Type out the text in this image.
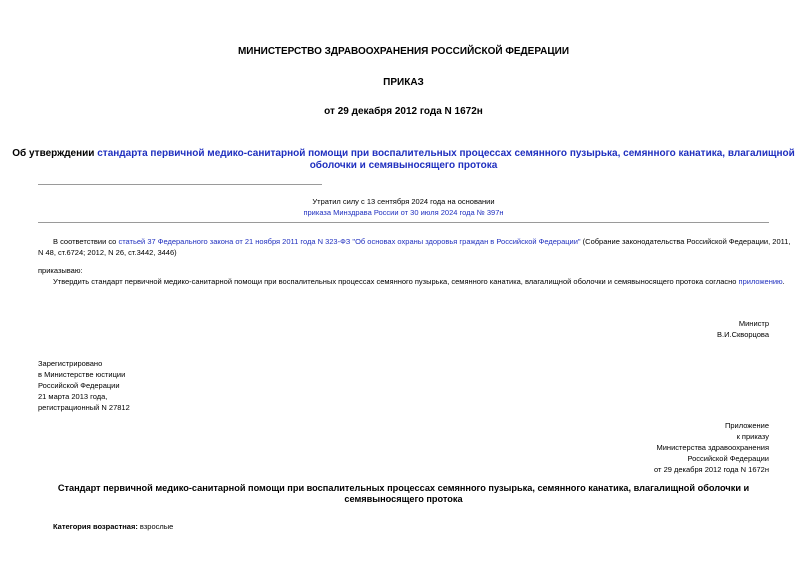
МИНИСТЕРСТВО ЗДРАВООХРАНЕНИЯ РОССИЙСКОЙ ФЕДЕРАЦИИ
ПРИКАЗ
от 29 декабря 2012 года N 1672н
Об утверждении стандарта первичной медико-санитарной помощи при воспалительных процессах семянного пузырька, семянного канатика, влагалищной
оболочки и семявыносящего протока
Утратил силу с 13 сентября 2024 года на основании
приказа Минздрава России от 30 июля 2024 года № 397н
В соответствии со статьей 37 Федерального закона от 21 ноября 2011 года N 323-ФЗ "Об основах охраны здоровья граждан в Российской Федерации" (Собрание законодательства Российской Федерации, 2011,
N 48, ст.6724; 2012, N 26, ст.3442, 3446)
приказываю:
Утвердить стандарт первичной медико-санитарной помощи при воспалительных процессах семянного пузырька, семянного канатика, влагалищной оболочки и семявыносящего протока согласно приложению.
Министр
В.И.Скворцова
Зарегистрировано
в Министерстве юстиции
Российской Федерации
21 марта 2013 года,
регистрационный N 27812
Приложение
к приказу
Министерства здравоохранения
Российской Федерации
от 29 декабря 2012 года N 1672н
Стандарт первичной медико-санитарной помощи при воспалительных процессах семянного пузырька, семянного канатика, влагалищной оболочки и
семявыносящего протока
Категория возрастная: взрослые
